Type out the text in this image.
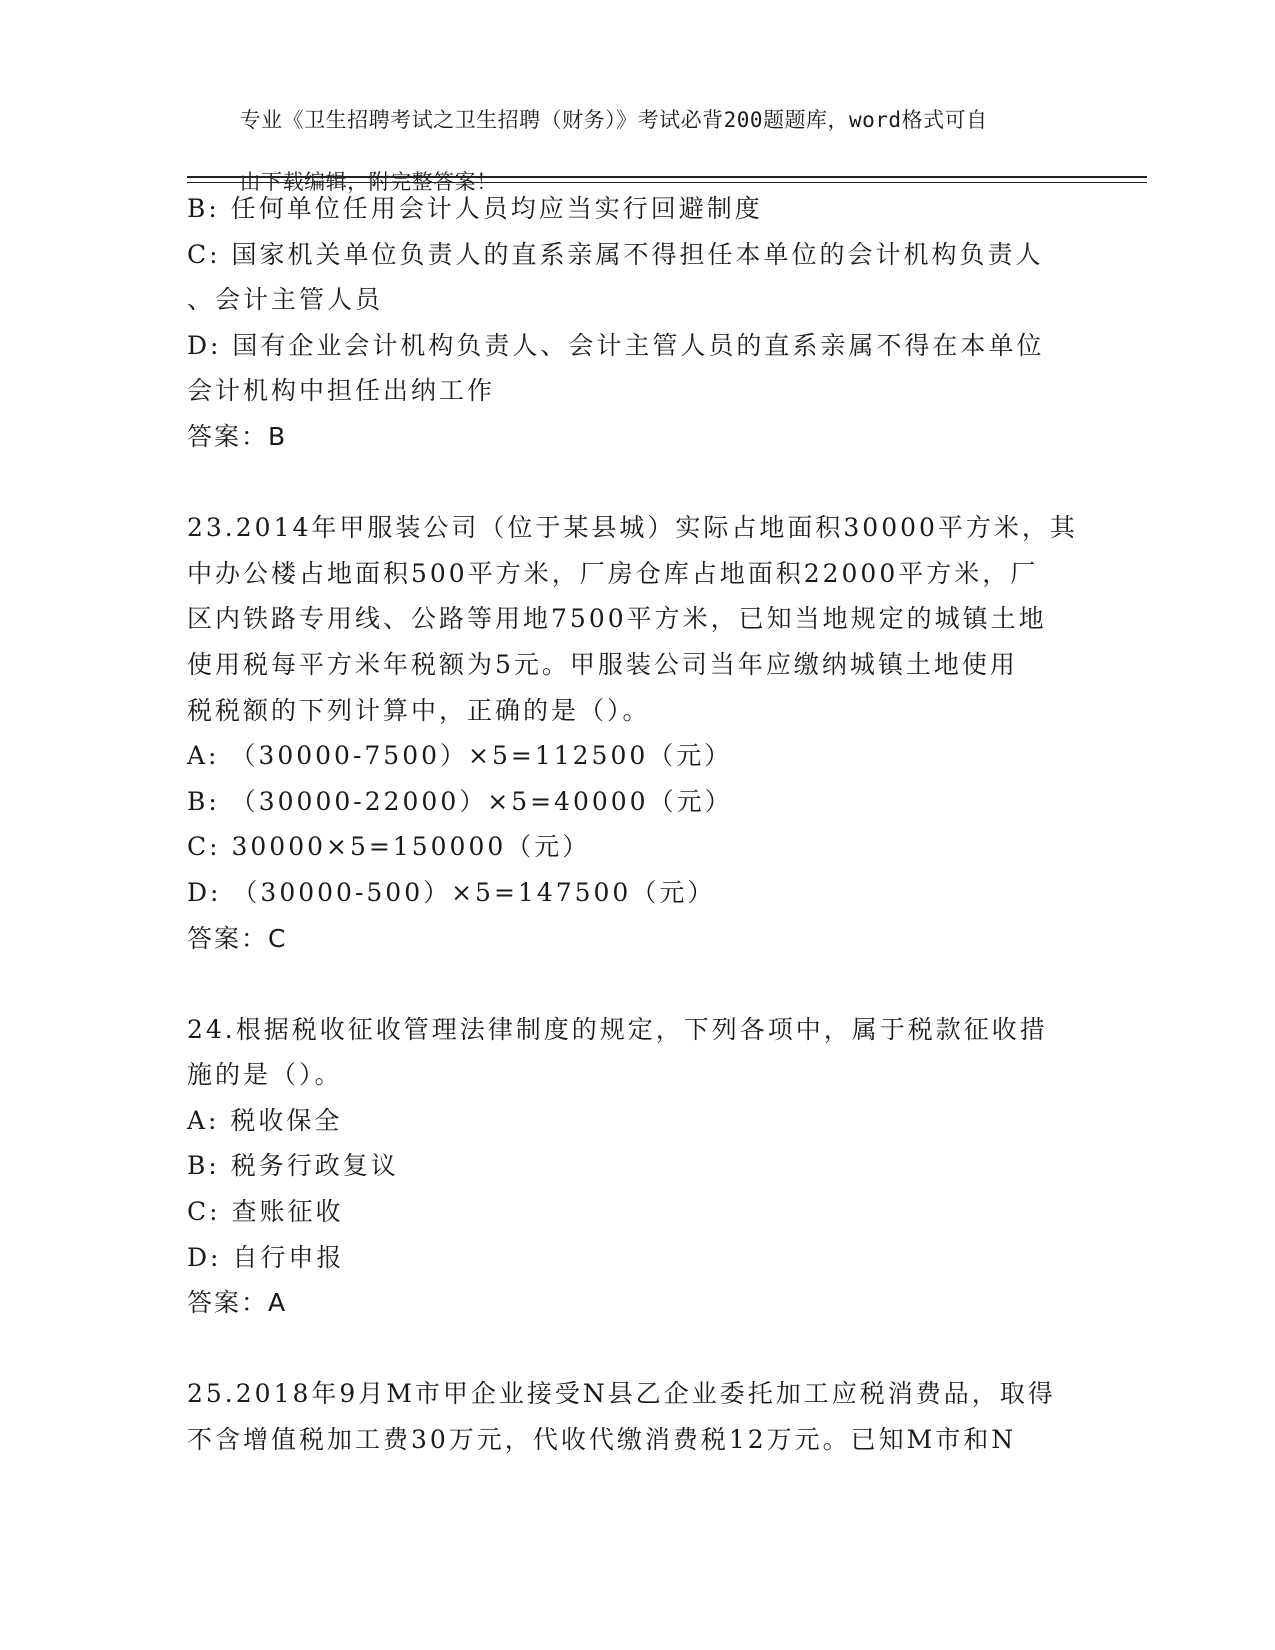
专业《卫生招聘考试之卫生招聘（财务）》考试必背200题题库，word格式可自

由下载编辑，附完整答案！

B: 任何单位任用会计人员均应当实行回避制度
C: 国家机关单位负责人的直系亲属不得担任本单位的会计机构负责人
、会计主管人员
D: 国有企业会计机构负责人、会计主管人员的直系亲属不得在本单位
会计机构中担任出纳工作
答案：B
23.2014年甲服装公司（位于某县城）实际占地面积30000平方米，其
中办公楼占地面积500平方米，厂房仓库占地面积22000平方米，厂
区内铁路专用线、公路等用地7500平方米，已知当地规定的城镇土地
使用税每平方米年税额为5元。甲服装公司当年应缴纳城镇土地使用
税税额的下列计算中，正确的是（）。
A: （30000-7500）×5=112500（元）
B: （30000-22000）×5=40000（元）
C: 30000×5=150000（元）
D: （30000-500）×5=147500（元）
答案：C
24.根据税收征收管理法律制度的规定，下列各项中，属于税款征收措
施的是（）。
A: 税收保全
B: 税务行政复议
C: 查账征收
D: 自行申报
答案：A
25.2018年9月M市甲企业接受N县乙企业委托加工应税消费品，取得
不含增值税加工费30万元，代收代缴消费税12万元。已知M市和N
